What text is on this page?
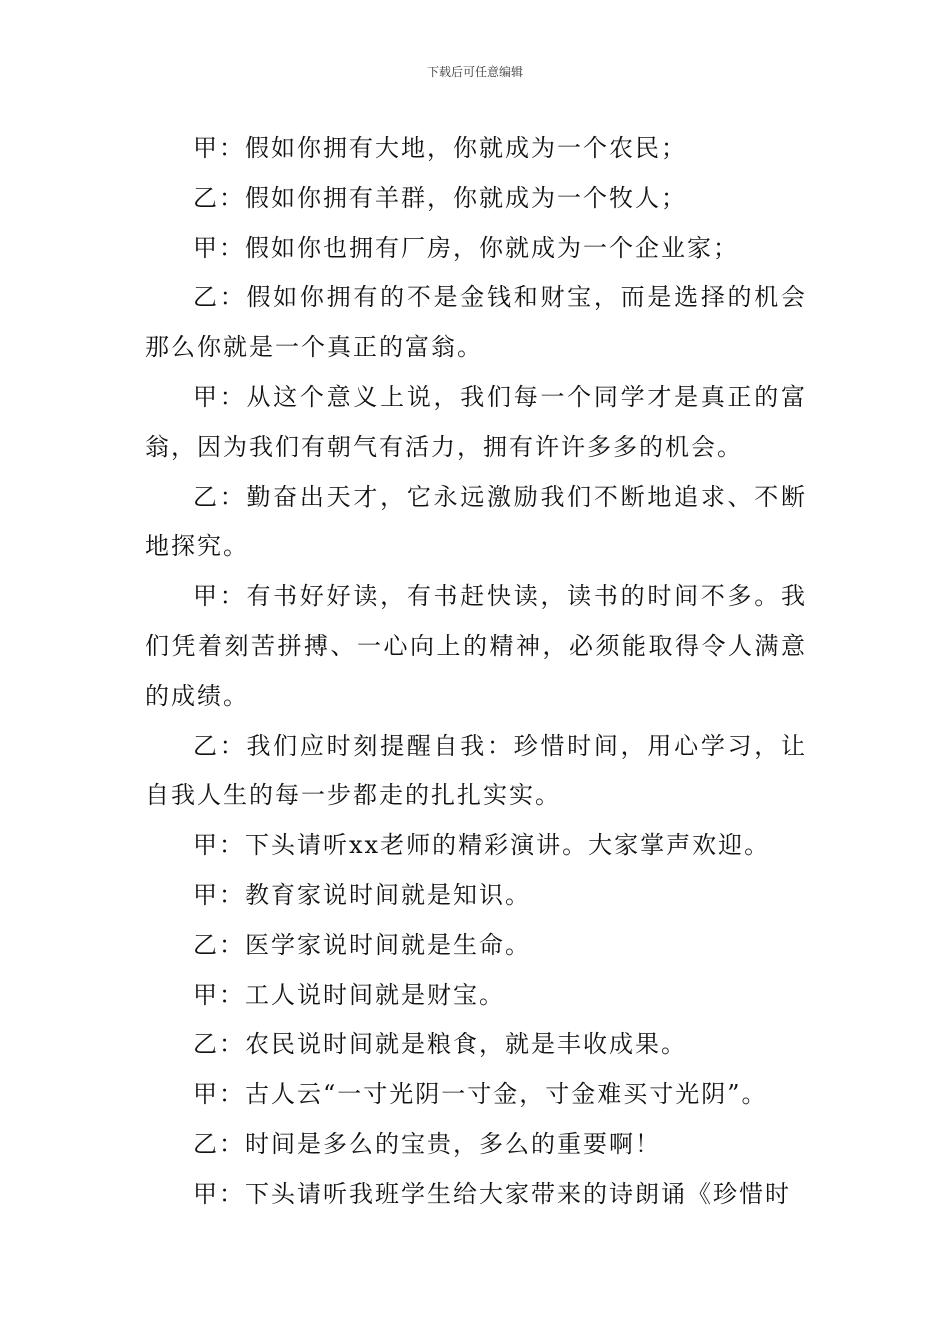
下载后可任意编辑

甲：假如你拥有大地，你就成为一个农民；

乙：假如你拥有羊群，你就成为一个牧人；

甲：假如你也拥有厂房，你就成为一个企业家；

乙：假如你拥有的不是金钱和财宝，而是选择的机会那么你就是一个真正的富翁。

甲：从这个意义上说，我们每一个同学才是真正的富翁，因为我们有朝气有活力，拥有许许多多的机会。

乙：勤奋出天才，它永远激励我们不断地追求、不断地探究。

甲：有书好好读，有书赶快读，读书的时间不多。我们凭着刻苦拼搏、一心向上的精神，必须能取得令人满意的成绩。

乙：我们应时刻提醒自我：珍惜时间，用心学习，让自我人生的每一步都走的扎扎实实。

甲：下头请听xx老师的精彩演讲。大家掌声欢迎。

甲：教育家说时间就是知识。

乙：医学家说时间就是生命。

甲：工人说时间就是财宝。

乙：农民说时间就是粮食，就是丰收成果。

甲：古人云“一寸光阴一寸金，寸金难买寸光阴”。

乙：时间是多么的宝贵，多么的重要啊！

甲：下头请听我班学生给大家带来的诗朗诵《珍惜时
